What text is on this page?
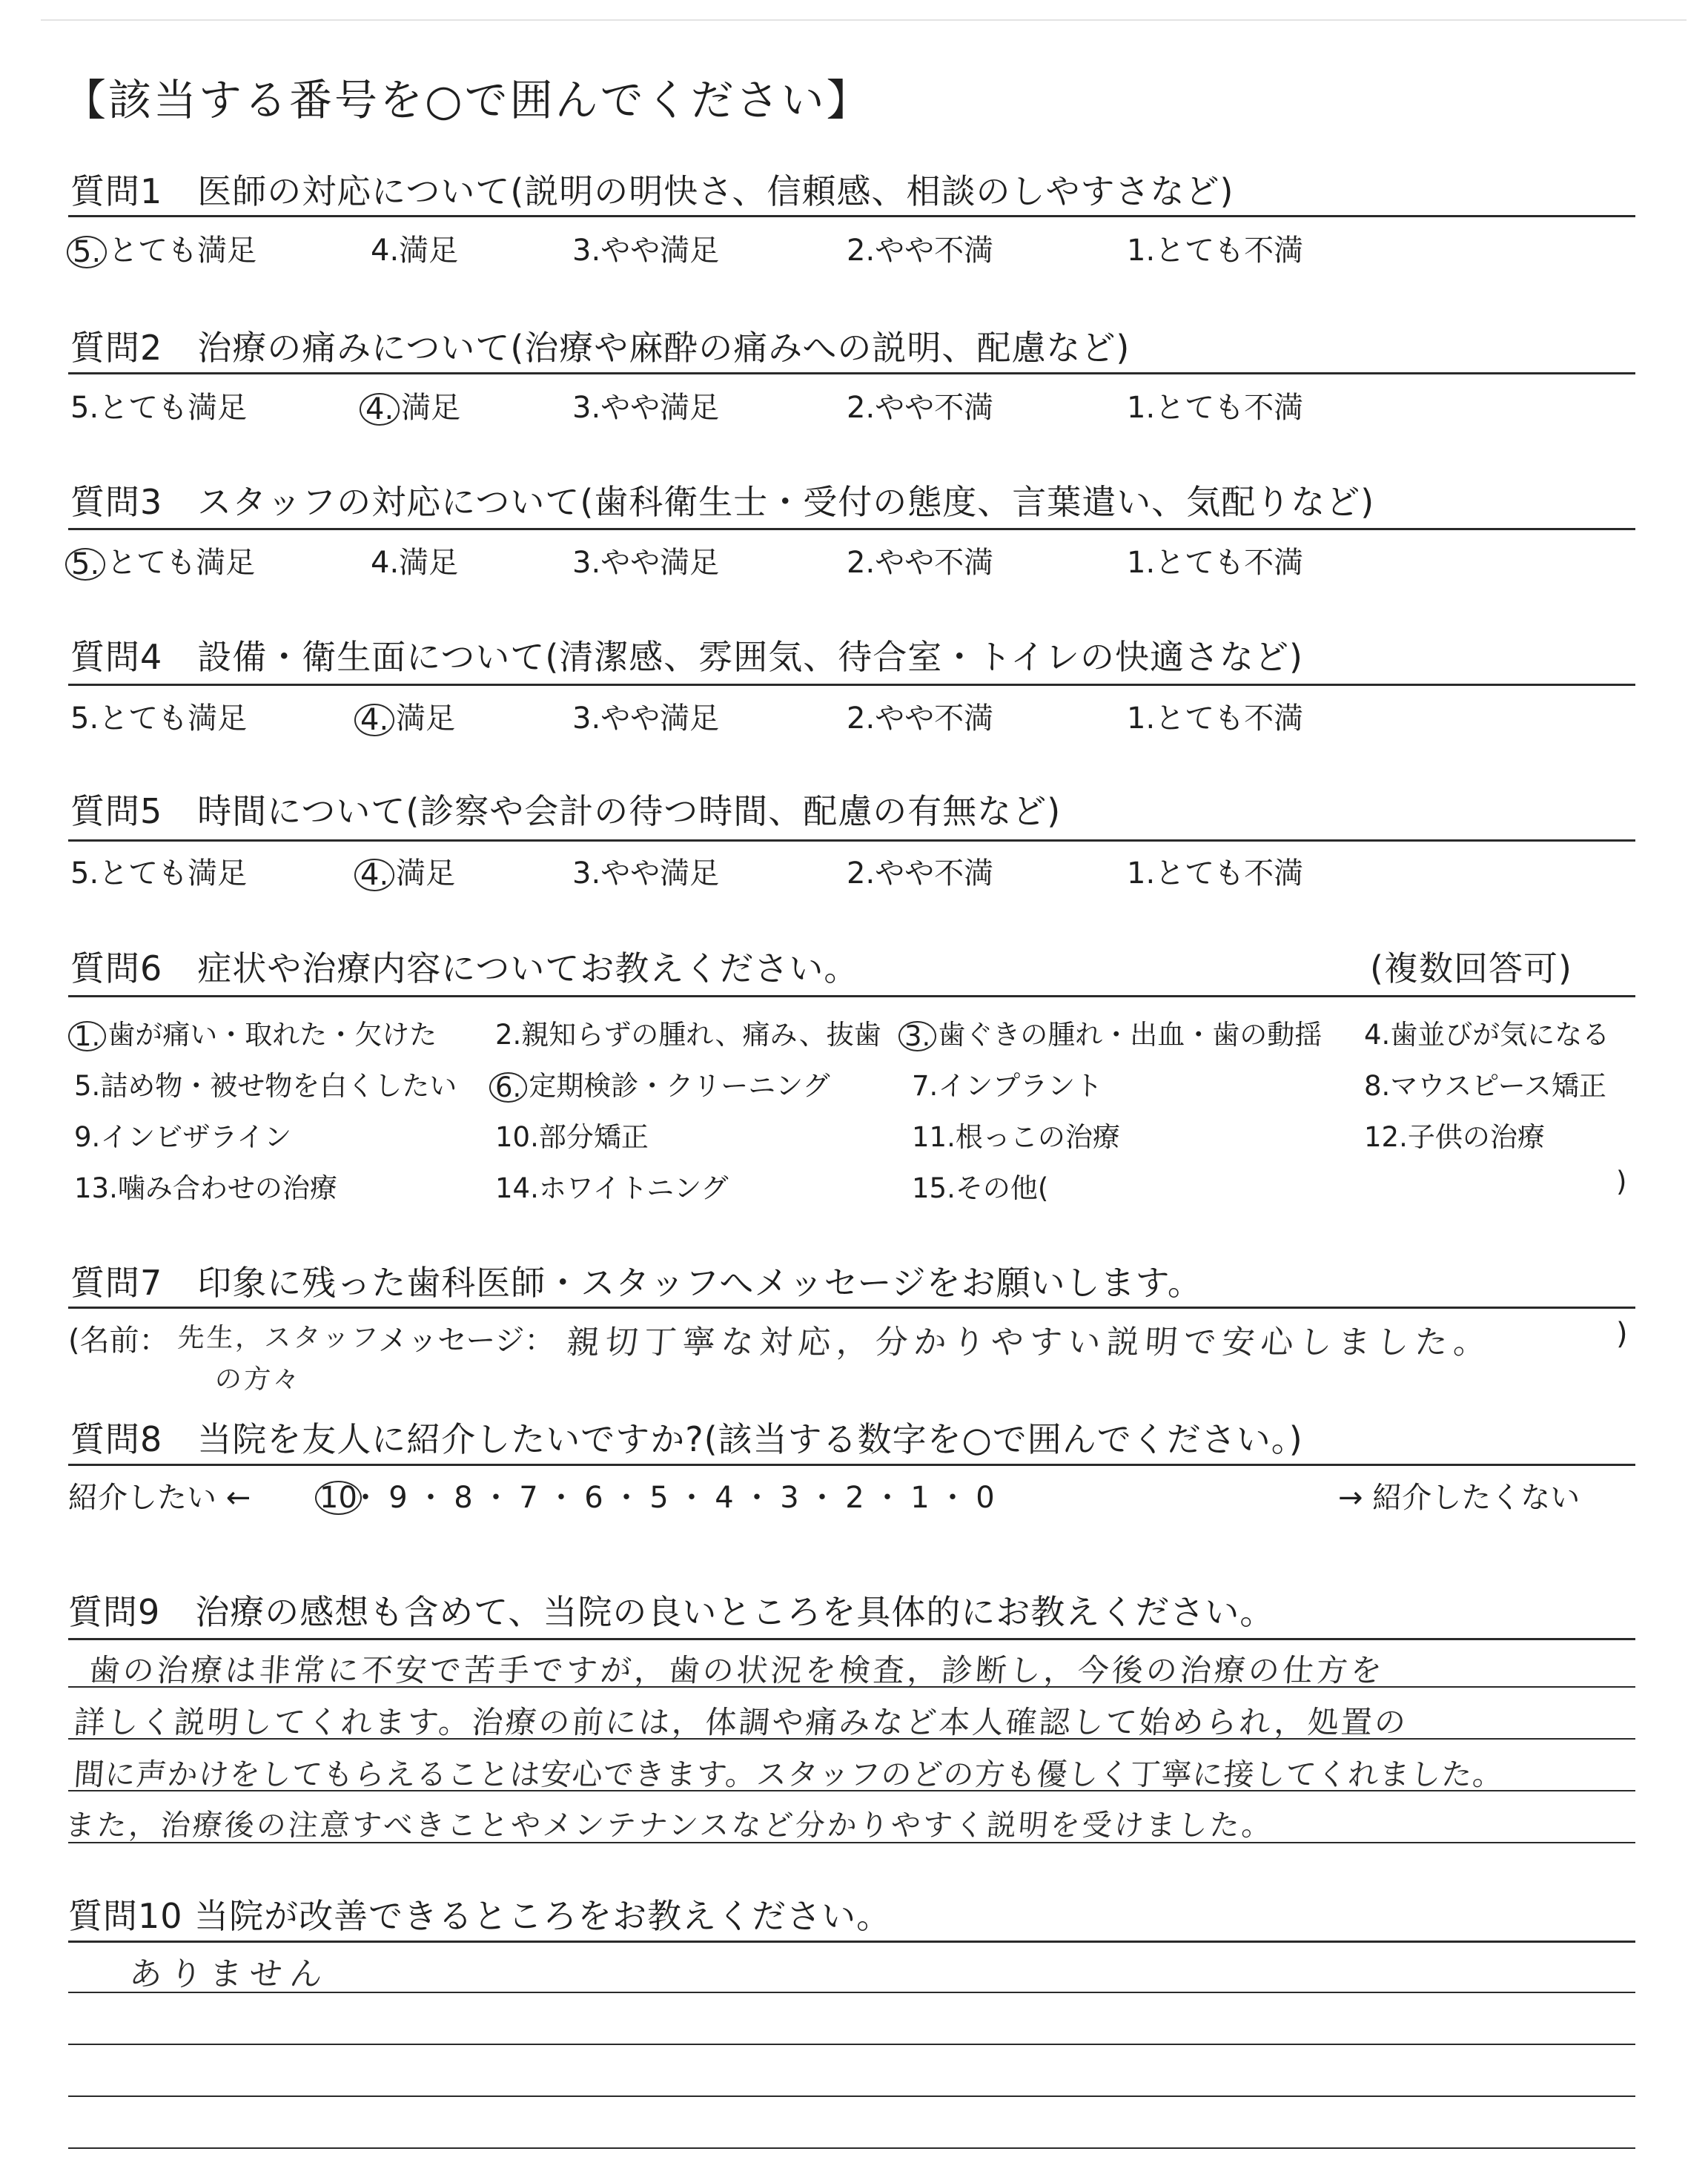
【該当する番号を○で囲んでください】
質問1　医師の対応について(説明の明快さ、信頼感、相談のしやすさなど)
5. とても満足	4.満足	3.やや満足	2.やや不満	1.とても不満
質問2　治療の痛みについて(治療や麻酔の痛みへの説明、配慮など)
5.とても満足	4. 満足	3.やや満足	2.やや不満	1.とても不満
質問3　スタッフの対応について(歯科衛生士・受付の態度、言葉遣い、気配りなど)
5. とても満足	4.満足	3.やや満足	2.やや不満	1.とても不満
質問4　設備・衛生面について(清潔感、雰囲気、待合室・トイレの快適さなど)
5.とても満足	4. 満足	3.やや満足	2.やや不満	1.とても不満
質問5　時間について(診察や会計の待つ時間、配慮の有無など)
5.とても満足	4. 満足	3.やや満足	2.やや不満	1.とても不満
質問6　症状や治療内容についてお教えください。	(複数回答可)
1. 歯が痛い・取れた・欠けた 2.親知らずの腫れ、痛み、抜歯 3. 歯ぐきの腫れ・出血・歯の動揺 4.歯並びが気になる
5.詰め物・被せ物を白くしたい 6. 定期検診・クリーニング	7.インプラント	8.マウスピース矯正
9.インビザライン	10.部分矯正	11.根っこの治療	12.子供の治療
13.噛み合わせの治療	14.ホワイトニング	15.その他(	)
質問7　印象に残った歯科医師・スタッフへメッセージをお願いします。
(名前： 先生，スタッフ
の方々
メッセージ： 親切丁寧な対応，分かりやすい説明で安心しました。	)
質問8　当院を友人に紹介したいですか?(該当する数字を○で囲んでください。)
紹介したい ← 10・ 9 ・ 8 ・ 7 ・ 6 ・ 5 ・ 4 ・ 3 ・ 2 ・ 1 ・ 0	→ 紹介したくない
質問9　治療の感想も含めて、当院の良いところを具体的にお教えください。
歯の治療は非常に不安で苦手ですが，歯の状況を検査，診断し，今後の治療の仕方を
詳しく説明してくれます。治療の前には，体調や痛みなど本人確認して始められ，処置の
間に声かけをしてもらえることは安心できます。スタッフのどの方も優しく丁寧に接してくれました。
また，治療後の注意すべきことやメンテナンスなど分かりやすく説明を受けました。
質問10 当院が改善できるところをお教えください。
ありません
